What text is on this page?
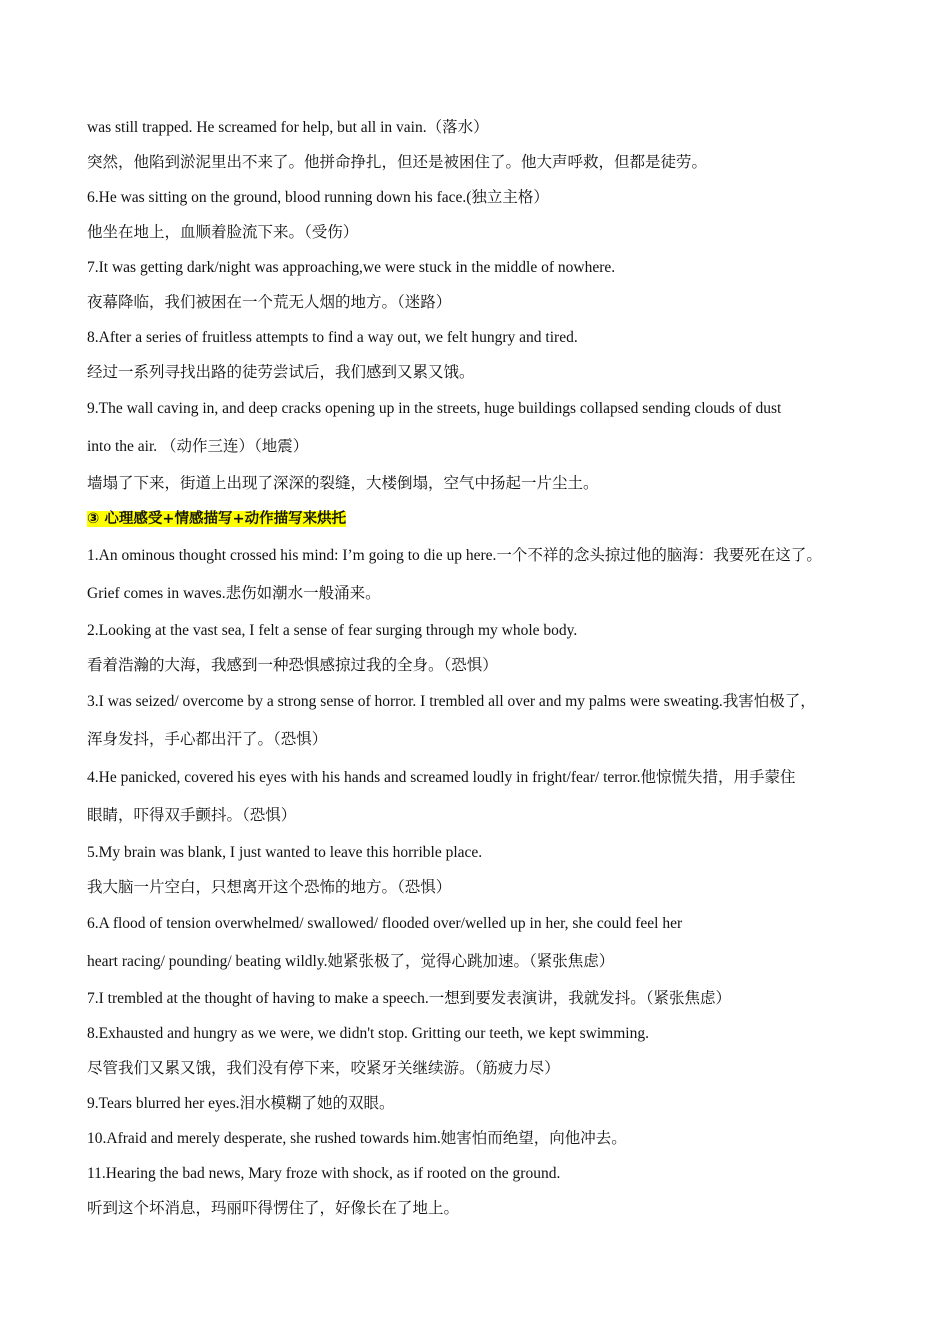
was still trapped. He screamed for help, but all in vain.（落水）
突然，他陷到淤泥里出不来了。他拼命挣扎，但还是被困住了。他大声呼救，但都是徒劳。
6.He was sitting on the ground, blood running down his face.(独立主格）
他坐在地上，血顺着脸流下来。（受伤）
7.It was getting dark/night was approaching,we were stuck in the middle of nowhere.
夜幕降临，我们被困在一个荒无人烟的地方。（迷路）
8.After a series of fruitless attempts to find a way out, we felt hungry and tired.
经过一系列寻找出路的徒劳尝试后，我们感到又累又饿。
9.The wall caving in, and deep cracks opening up in the streets, huge buildings collapsed sending clouds of dust
into the air. （动作三连）（地震）
墙塌了下来，街道上出现了深深的裂缝，大楼倒塌，空气中扬起一片尘土。
③ 心理感受+情感描写+动作描写来烘托
1.An ominous thought crossed his mind: I’m going to die up here.一个不祥的念头掠过他的脑海：我要死在这了。
Grief comes in waves.悲伤如潮水一般涌来。
2.Looking at the vast sea, I felt a sense of fear surging through my whole body.
看着浩瀚的大海，我感到一种恐惧感掠过我的全身。（恐惧）
3.I was seized/ overcome by a strong sense of horror. I trembled all over and my palms were sweating.我害怕极了，
浑身发抖，手心都出汗了。（恐惧）
4.He panicked, covered his eyes with his hands and screamed loudly in fright/fear/ terror.他惊慌失措，用手蒙住
眼睛，吓得双手颤抖。（恐惧）
5.My brain was blank, I just wanted to leave this horrible place.
我大脑一片空白，只想离开这个恐怖的地方。（恐惧）
6.A flood of tension overwhelmed/ swallowed/ flooded over/welled up in her, she could feel her
heart racing/ pounding/ beating wildly.她紧张极了，觉得心跳加速。（紧张焦虑）
7.I trembled at the thought of having to make a speech.一想到要发表演讲，我就发抖。（紧张焦虑）
8.Exhausted and hungry as we were, we didn't stop. Gritting our teeth, we kept swimming.
尽管我们又累又饿，我们没有停下来，咬紧牙关继续游。（筋疲力尽）
9.Tears blurred her eyes.泪水模糊了她的双眼。
10.Afraid and merely desperate, she rushed towards him.她害怕而绝望，向他冲去。
11.Hearing the bad news, Mary froze with shock, as if rooted on the ground.
听到这个坏消息，玛丽吓得愣住了，好像长在了地上。
